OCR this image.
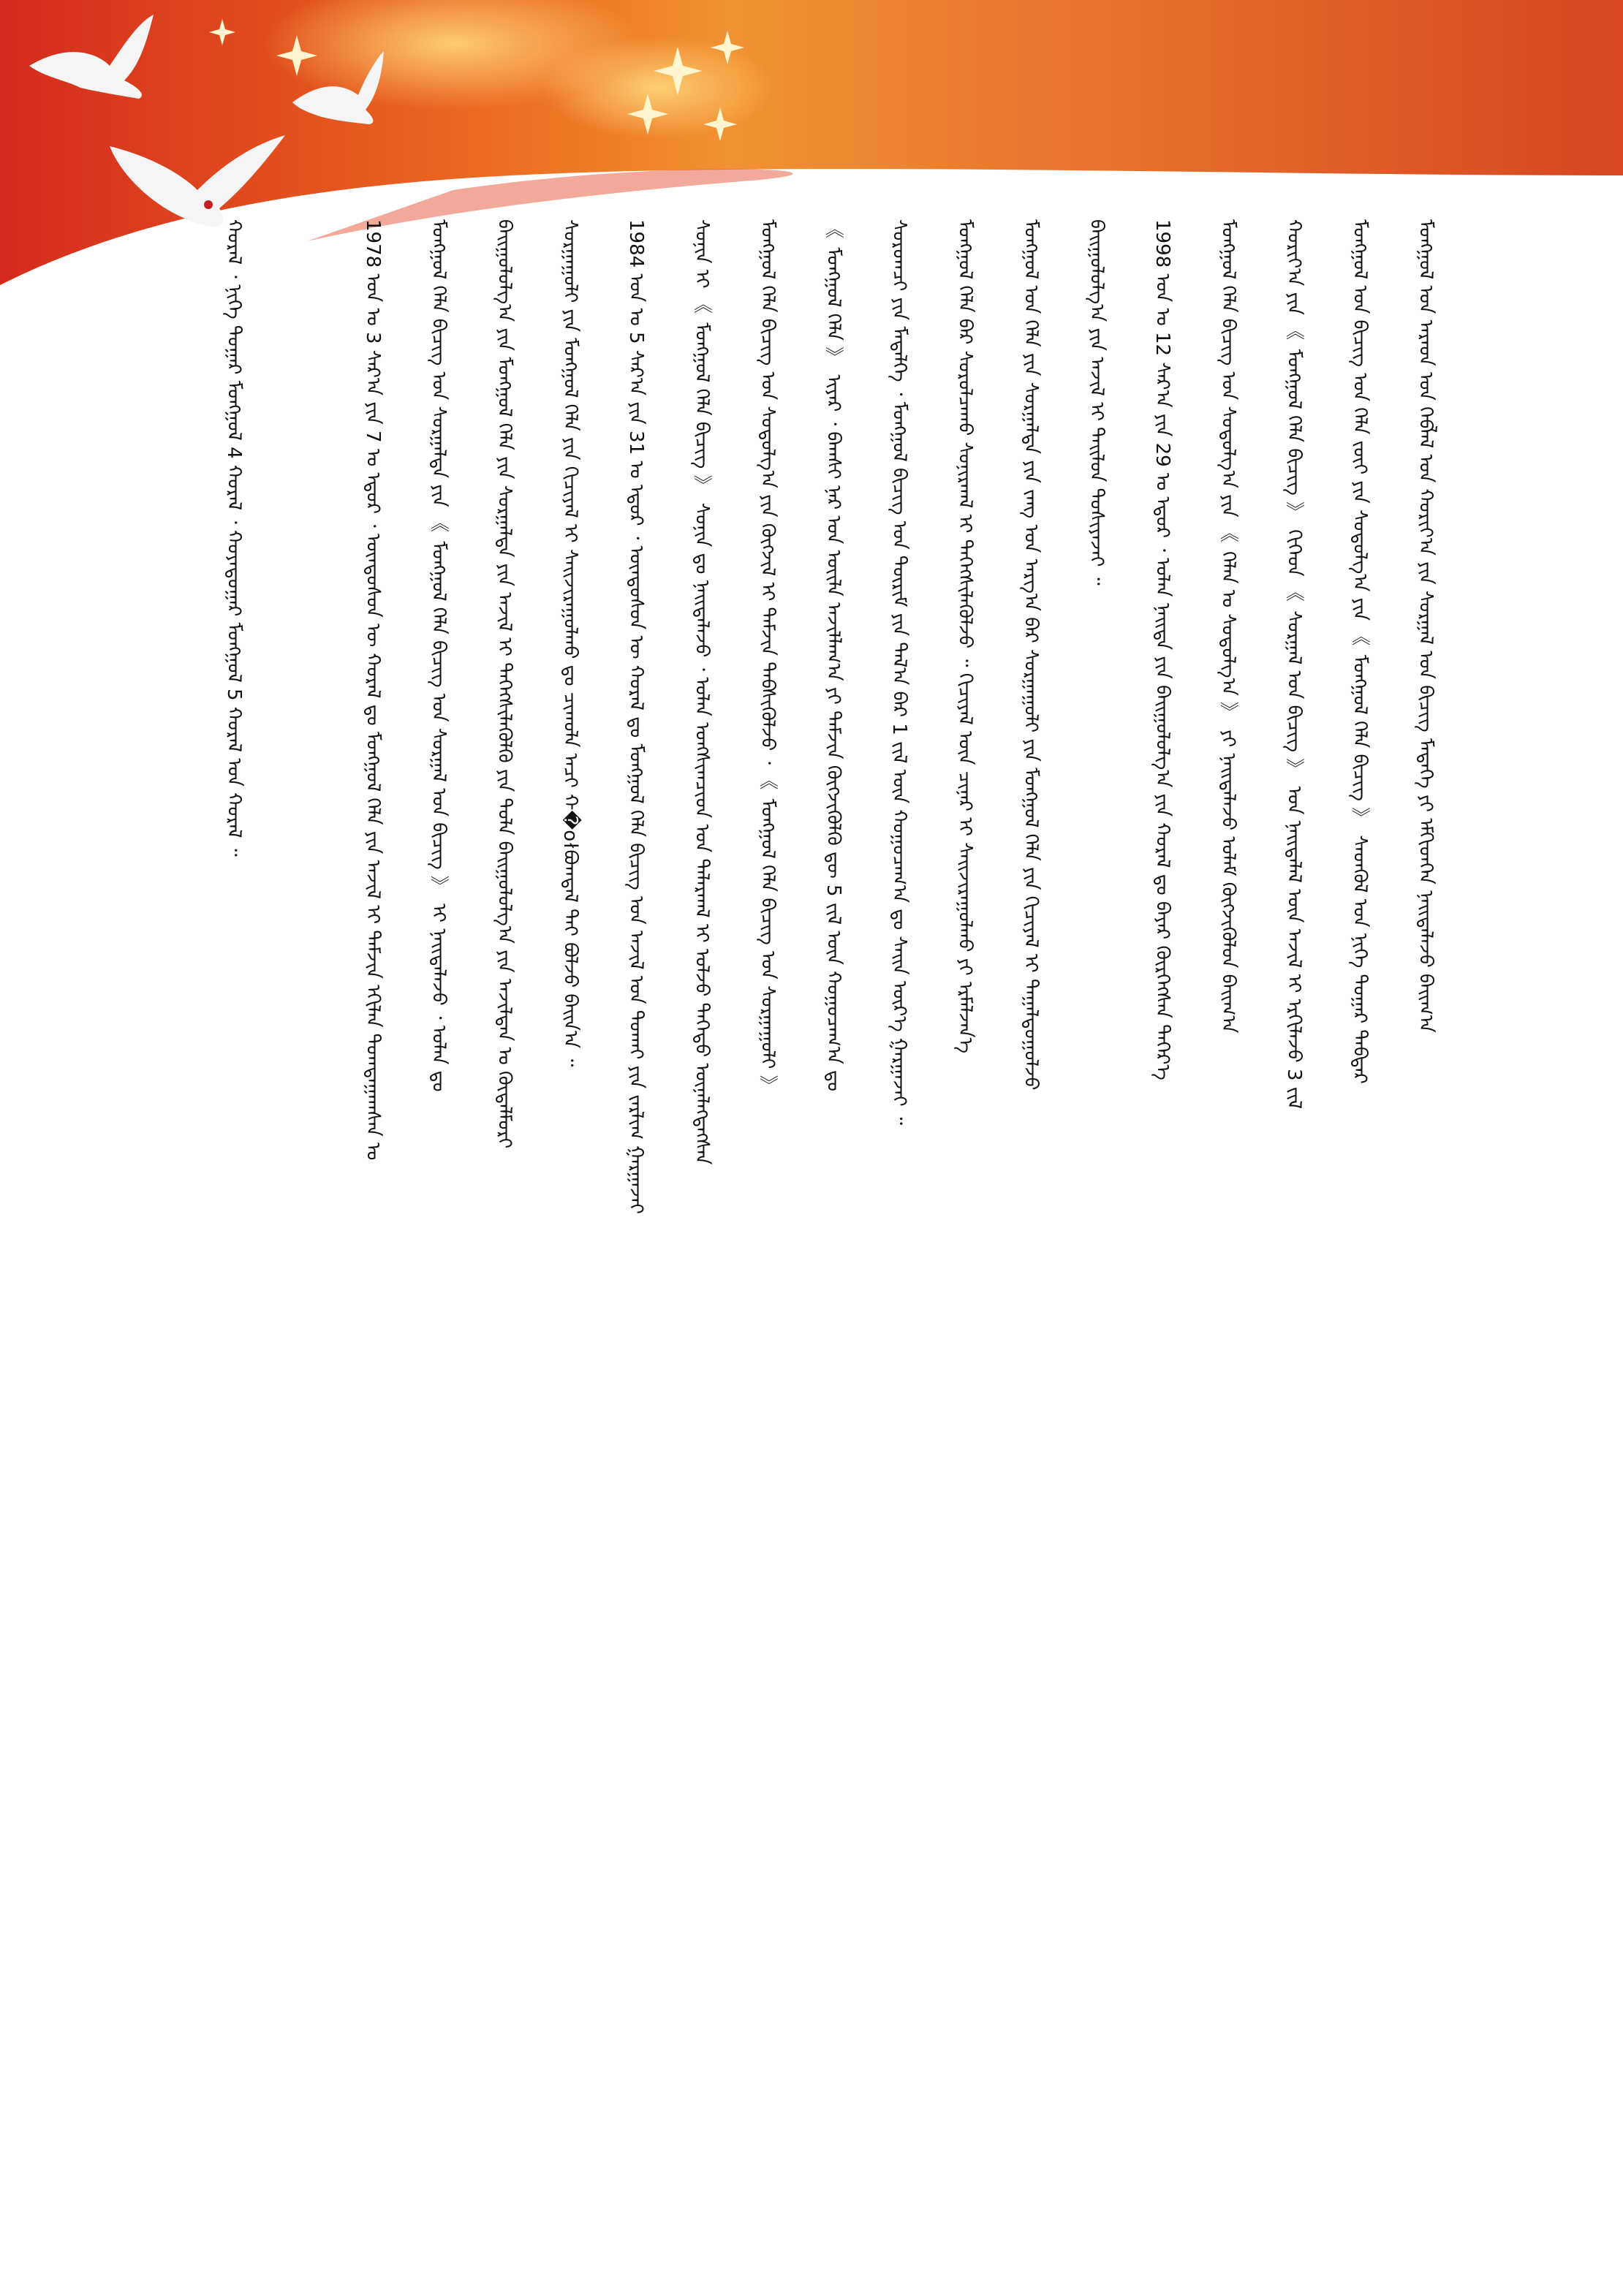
ᠮᠣᠩᠭᠣᠯ ᠤᠨ ᠠᠷᠠᠳ ᠤᠨ ᠬᠡᠪᠯᠡᠯ ᠤᠨ ᠬᠣᠷᠢᠶ᠎ᠠ ᠶᠢᠨ ᠰᠤᠷᠭᠠᠯ ᠤᠨ ᠪᠢᠴᠢᠭ ᠮᠡᠳᠡᠭᠡ ᠶᠢ ᠡᠮᠬᠢᠳᠭᠡᠨ ᠨᠡᠢᠲᠡᠯᠡᠵᠦ ᠪᠠᠢᠭ᠎ᠠ
ᠮᠣᠩᠭᠣᠯ ᠤᠨ ᠪᠢᠴᠢᠭ ᠤᠨ ᠬᠡᠯᠡ ᠵᠦᠢ ᠶᠢᠨ ᠰᠤᠳᠤᠯᠭ᠎ᠠ ᠶᠢᠨ 《 ᠮᠣᠩᠭᠣᠯ ᠬᠡᠯᠡ ᠪᠢᠴᠢᠭ 》 ᠰᠡᠳᠬᠦᠯ ᠤᠨ ᠨᠢᠭᠡ ᠳᠤᠭᠠᠷ ᠳᠡᠪᠲᠡᠷ
ᠬᠣᠷᠢᠶ᠎ᠠ ᠶᠢᠨ 《 ᠮᠣᠩᠭᠣᠯ ᠬᠡᠯᠡ ᠪᠢᠴᠢᠭ 》 ᠬᠢᠭᠡᠳ 《 ᠰᠤᠷᠭᠠᠯ ᠤᠨ ᠪᠢᠴᠢᠭ 》 ᠤᠨ ᠨᠡᠢᠲᠡᠯᠡᠯ ᠦᠨ ᠠᠵᠢᠯ ᠢ ᠡᠷᠬᠢᠯᠡᠵᠦ 3 ᠵᠢᠯ
ᠮᠣᠩᠭᠣᠯ ᠬᠡᠯᠡ ᠪᠢᠴᠢᠭ ᠤᠨ ᠰᠤᠳᠤᠯᠭ᠎ᠠ ᠶᠢᠨ 《 ᠬᠡᠯᠡᠨ ᠤ ᠰᠤᠳᠤᠯᠭ᠎ᠠ 》 ᠶᠢ ᠨᠡᠢᠲᠡᠯᠡᠵᠦ ᠤᠯᠠᠮ ᠬᠥᠭᠵᠢᠭᠦᠯᠦᠨ ᠪᠠᠢᠭ᠎ᠠ
1998 ᠣᠨ ᠤ 12 ᠰᠠᠷ᠎ᠠ ᠶᠢᠨ 29 ᠤ ᠡᠳᠦᠷ ᠂ ᠣᠯᠠᠨ ᠨᠡᠢᠲᠡ ᠶᠢᠨ ᠪᠠᠢᠭᠤᠯᠤᠯᠭ᠎ᠠ ᠶᠢᠨ ᠬᠤᠷᠠᠯ ᠳᠤ ᠪᠠᠶᠠᠷ ᠬᠦᠷᠭᠡᠭᠰᠡᠨ ᠳᠡᠭᠡᠷ᠎ᠡ
ᠪᠠᠢᠭᠤᠯᠤᠯᠭ᠎ᠠ ᠶᠢᠨ ᠠᠵᠢᠯ ᠢ ᠲᠠᠢᠯᠤᠨ ᠲᠤᠰᠢᠶᠠᠵᠠᠢ ᠃
ᠮᠣᠩᠭᠣᠯ ᠤᠨ ᠬᠡᠯᠡ ᠶᠢᠨ ᠰᠤᠷᠭᠠᠯᠲᠠ ᠶᠢᠨ ᠵᠠᠩ ᠤᠨ ᠠᠷᠭ᠎ᠠ ᠪᠠᠷ ᠰᠤᠷᠭᠠᠭᠤᠯᠢ ᠶᠢᠨ ᠮᠣᠩᠭᠣᠯ ᠬᠡᠯᠡ ᠶᠢᠨ ᠬᠢᠴᠢᠶᠡᠯ ᠢ ᠳᠠᠭᠠᠯᠳᠤᠭᠤᠯᠵᠤ
ᠮᠣᠩᠭᠣᠯ ᠬᠡᠯᠡ ᠪᠡᠷ ᠰᠤᠷᠤᠯᠴᠠᠬᠤ ᠰᠣᠨᠢᠷᠬᠠᠯ ᠢ ᠳᠡᠭᠡᠭᠰᠢᠯᠡᠭᠦᠯᠵᠦ ᠃ ᠬᠢᠴᠢᠶᠡᠯ ᠦᠨ ᠴᠢᠨᠠᠷ ᠢ ᠰᠠᠢᠵᠢᠷᠠᠭᠤᠯᠬᠤ ᠶᠢ ᠡᠷᠮᠡᠯᠵᠡᠨ᠎ᠡ
ᠰᠤᠷᠤᠭᠴᠢ ᠶᠢᠨ ᠮᠡᠳᠡᠯᠭᠡ ᠂ ᠮᠣᠩᠭᠣᠯ ᠪᠢᠴᠢᠭ ᠤᠨ ᠳᠦᠷᠢᠮ ᠶᠢᠨ ᠲᠠᠯ᠎ᠠ ᠪᠠᠷ 1 ᠵᠢᠯ ᠦᠨ ᠬᠤᠭᠤᠴᠠᠭ᠎ᠠ ᠳᠤ ᠰᠠᠢᠨ ᠦᠷ᠎ᠡ ᠭᠠᠷᠭᠠᠵᠠᠢ ᠃
《 ᠮᠣᠩᠭᠣᠯ ᠬᠡᠯᠡ 》 ᠢᠶᠡᠷ ᠂ ᠪᠠᠭᠰᠢ ᠨᠠᠷ ᠤᠨ ᠦᠢᠯᠡ ᠠᠵᠢᠯᠯᠠᠭ᠎ᠠ ᠶᠢ ᠳᠡᠮᠵᠢᠨ ᠬᠥᠭᠵᠢᠭᠦᠯᠬᠦ ᠳᠦ 5 ᠵᠢᠯ ᠦᠨ ᠬᠤᠭᠤᠴᠠᠭ᠎ᠠ ᠳᠤ
ᠮᠣᠩᠭᠣᠯ ᠬᠡᠯᠡ ᠪᠢᠴᠢᠭ ᠤᠨ ᠰᠤᠳᠤᠯᠭ᠎ᠠ ᠶᠢᠨ ᠬᠥᠭᠵᠢᠯ ᠢ ᠳᠡᠮᠵᠢᠨ ᠳᠡᠪᠰᠢᠭᠦᠯᠵᠦ ᠂ 《 ᠮᠣᠩᠭᠣᠯ ᠬᠡᠯᠡ ᠪᠢᠴᠢᠭ ᠤᠨ ᠰᠤᠷᠭᠠᠭᠤᠯᠢ 》
ᠰᠣᠨᠢᠨ ᠢ 《 ᠮᠣᠩᠭᠣᠯ ᠬᠡᠯᠡ ᠪᠢᠴᠢᠭ 》 ᠰᠣᠨᠢᠨ ᠳᠤ ᠨᠡᠢᠲᠡᠯᠡᠵᠦ ᠂ ᠣᠯᠠᠨ ᠤᠩᠰᠢᠭᠴᠢᠳ ᠤᠨ ᠲᠠᠯᠠᠷᠬᠠᠯ ᠢ ᠣᠯᠵᠤ ᠳᠡᠭᠡᠳᠦ ᠦᠨᠡᠯᠡᠭᠳᠡᠭᠰᠡᠨ
1984 ᠣᠨ ᠤ 5 ᠰᠠᠷ᠎ᠠ ᠶᠢᠨ 31 ᠤ ᠡᠳᠦᠷ ᠂ ᠦᠨᠳᠦᠰᠦᠨ ᠦ ᠬᠤᠷᠠᠯ ᠳᠤ ᠮᠣᠩᠭᠣᠯ ᠬᠡᠯᠡ ᠪᠢᠴᠢᠭ ᠤᠨ ᠠᠵᠢᠯ ᠤᠨ ᠲᠤᠬᠠᠢ ᠶᠢᠨ ᠵᠠᠷᠯᠢᠭ ᠭᠠᠷᠭᠠᠵᠠᠢ
ᠰᠤᠷᠭᠠᠭᠤᠯᠢ ᠶᠢᠨ ᠮᠣᠩᠭᠣᠯ ᠬᠡᠯᠡ ᠶᠢᠨ ᠬᠢᠴᠢᠶᠡᠯ ᠢ ᠰᠠᠢᠵᠢᠷᠠᠭᠤᠯᠬᠤ ᠳᠤ ᠴᠢᠬᠤᠯᠠ ᠠᠴᠢ ᠬ�ołᠪᠣᠭᠳᠠᠯ ᠲᠠᠢ ᠪᠣᠯᠵᠤ ᠪᠠᠢᠨ᠎ᠠ ᠃
ᠪᠠᠢᠭᠤᠯᠤᠯᠭ᠎ᠠ ᠶᠢᠨ ᠮᠣᠩᠭᠣᠯ ᠬᠡᠯᠡ ᠶᠢᠨ ᠰᠤᠷᠭᠠᠯᠲᠠ ᠶᠢᠨ ᠠᠵᠢᠯ ᠢ ᠳᠡᠭᠡᠭᠰᠢᠯᠡᠭᠦᠯᠬᠦ ᠶᠢᠨ ᠲᠤᠯᠠ ᠪᠠᠢᠭᠤᠯᠤᠯᠭ᠎ᠠ ᠶᠢᠨ ᠠᠵᠢᠯᠲᠠᠨ ᠤ ᠬᠥᠳᠡᠯᠮᠦᠷᠢ
ᠮᠣᠩᠭᠣᠯ ᠬᠡᠯᠡ ᠪᠢᠴᠢᠭ ᠤᠨ ᠰᠤᠷᠭᠠᠯᠲᠠ ᠶᠢᠨ 《 ᠮᠣᠩᠭᠣᠯ ᠬᠡᠯᠡ ᠪᠢᠴᠢᠭ ᠤᠨ ᠰᠤᠷᠭᠠᠯ ᠤᠨ ᠪᠢᠴᠢᠭ 》 ᠢ ᠨᠡᠢᠲᠡᠯᠡᠵᠦ ᠂ ᠣᠯᠠᠨ ᠳᠤ
1978 ᠣᠨ ᠤ 3 ᠰᠠᠷ᠎ᠠ ᠶᠢᠨ 7 ᠤ ᠡᠳᠦᠷ ᠂ ᠦᠨᠳᠦᠰᠦᠨ ᠦ ᠬᠤᠷᠠᠯ ᠳᠤ ᠮᠣᠩᠭᠣᠯ ᠬᠡᠯᠡ ᠶᠢᠨ ᠠᠵᠢᠯ ᠢ ᠳᠡᠮᠵᠢᠨ ᠡᠬᠢᠯᠡᠨ ᠲᠣᠭᠲᠠᠭᠠᠭᠰᠠᠨ ᠤ
ᠬᠤᠷᠠᠯ ᠂ ᠨᠢᠭᠡ ᠳᠤᠭᠠᠷ ᠮᠣᠩᠭᠣᠯ 4 ᠬᠤᠷᠠᠯ ᠂ ᠬᠣᠶᠠᠳᠤᠭᠠᠷ ᠮᠣᠩᠭᠣᠯ 5 ᠬᠤᠷᠠᠯ ᠤᠨ ᠬᠤᠷᠠᠯ ᠃
